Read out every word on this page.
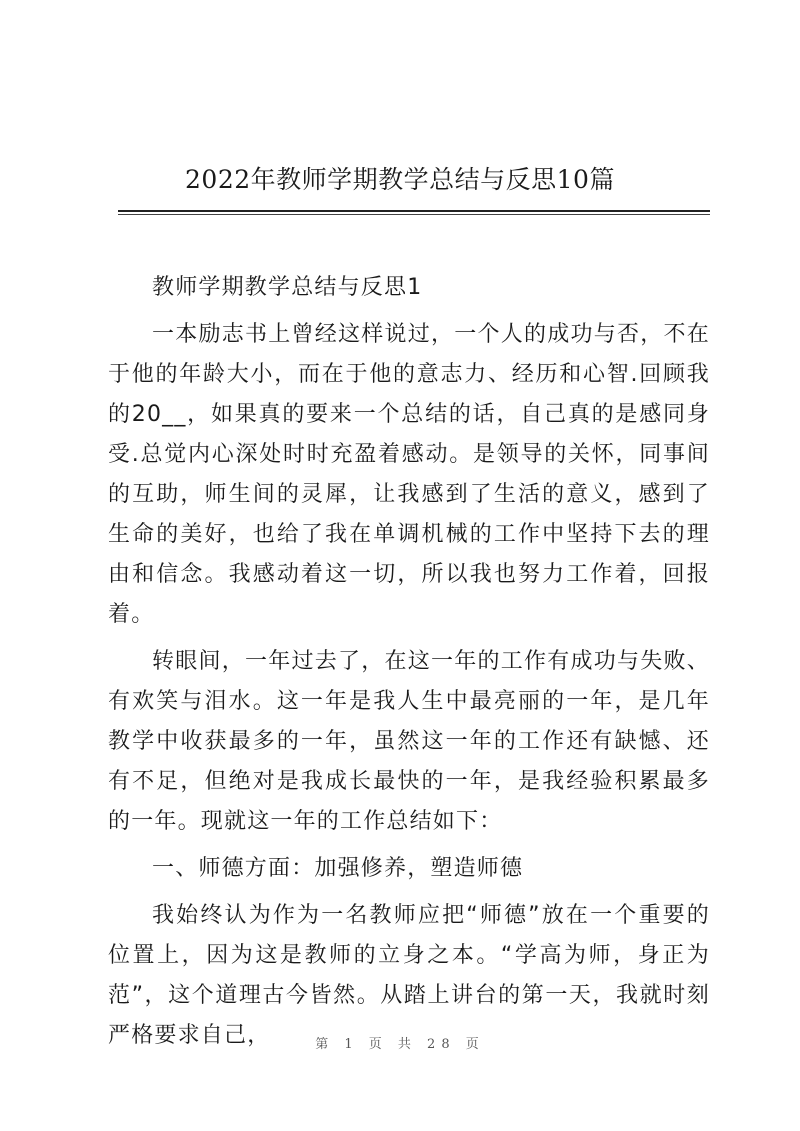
2022年教师学期教学总结与反思10篇

教师学期教学总结与反思1

一本励志书上曾经这样说过，一个人的成功与否，不在于他的年龄大小，而在于他的意志力、经历和心智.回顾我的20__，如果真的要来一个总结的话，自己真的是感同身受.总觉内心深处时时充盈着感动。是领导的关怀，同事间的互助，师生间的灵犀，让我感到了生活的意义，感到了生命的美好，也给了我在单调机械的工作中坚持下去的理由和信念。我感动着这一切，所以我也努力工作着，回报着。

转眼间，一年过去了，在这一年的工作有成功与失败、有欢笑与泪水。这一年是我人生中最亮丽的一年，是几年教学中收获最多的一年，虽然这一年的工作还有缺憾、还有不足，但绝对是我成长最快的一年，是我经验积累最多的一年。现就这一年的工作总结如下：

一、师德方面：加强修养，塑造师德

我始终认为作为一名教师应把“师德”放在一个重要的位置上，因为这是教师的立身之本。“学高为师，身正为范”，这个道理古今皆然。从踏上讲台的第一天，我就时刻严格要求自己，	第 1 页 共 28 页
